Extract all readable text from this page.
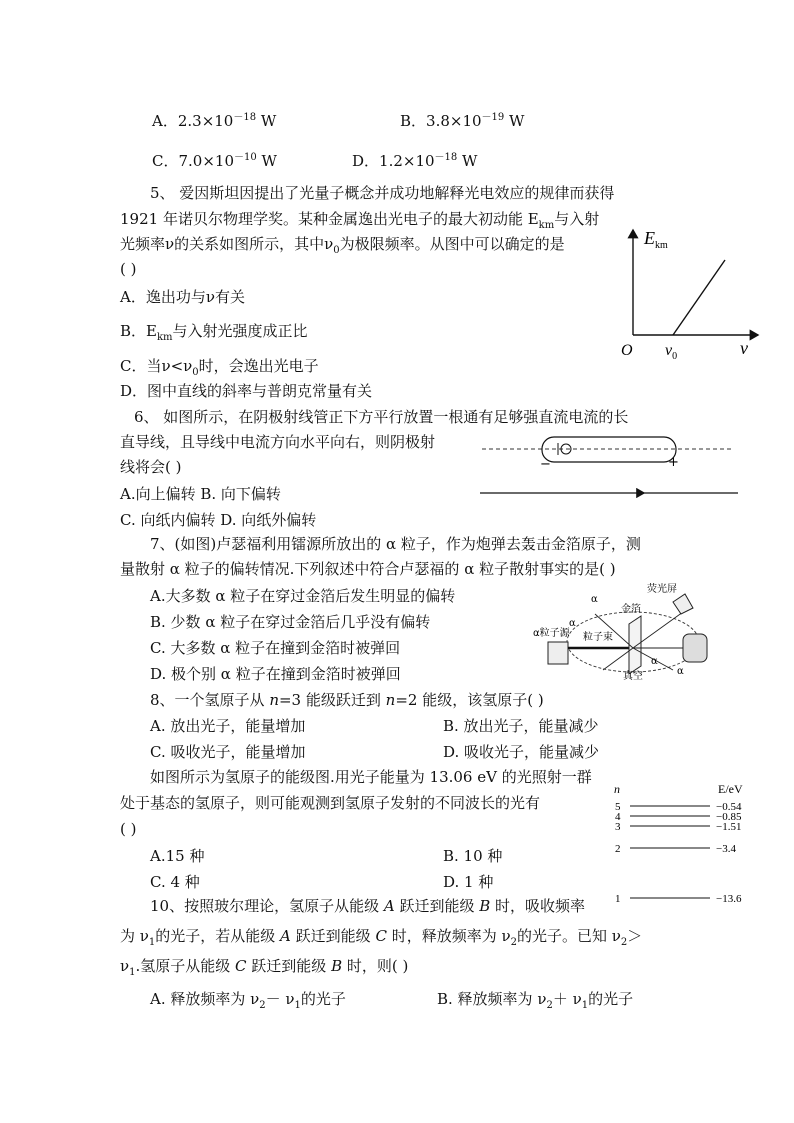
A．$2.3\times 10^{-18}$ W	B．$3.8\times 10^{-19}$ W
C．$7.0\times 10^{-10}$ W	D．$1.2\times 10^{-18}$ W
5、 爱因斯坦因提出了光量子概念并成功地解释光电效应的规律而获得
1921 年诺贝尔物理学奖。某种金属逸出光电子的最大初动能 $E_{km}$与入射
光频率ν的关系如图所示，其中$\nu_0$为极限频率。从图中可以确定的是
( )
A．逸出功与ν有关
B．$E_{km}$与入射光强度成正比
C．当$\nu<\nu_0$时，会逸出光电子
D．图中直线的斜率与普朗克常量有关
$E_{km}$
O $\nu_0$	ν
6、 如图所示，在阴极射线管正下方平行放置一根通有足够强直流电流的长
直导线，且导线中电流方向水平向右，则阴极射
线将会( )
A.向上偏转 B. 向下偏转
C. 向纸内偏转 D. 向纸外偏转
−	+
7、(如图)卢瑟福利用镭源所放出的 α 粒子，作为炮弹去轰击金箔原子，测
量散射 α 粒子的偏转情况.下列叙述中符合卢瑟福的 α 粒子散射事实的是( )
A.大多数 α 粒子在穿过金箔后发生明显的偏转
B. 少数 α 粒子在穿过金箔后几乎没有偏转
C. 大多数 α 粒子在撞到金箔时被弹回
D. 极个别 α 粒子在撞到金箔时被弹回
荧光屏
金箔
α粒子源 粒子束
真空
α
α
α
α
8、一个氢原子从 n=3 能级跃迁到 n=2 能级，该氢原子( )
A. 放出光子，能量增加	B. 放出光子，能量减少
C. 吸收光子，能量增加	D. 吸收光子，能量减少
如图所示为氢原子的能级图.用光子能量为 13.06 eV 的光照射一群
处于基态的氢原子，则可能观测到氢原子发射的不同波长的光有
( )
A.15 种	B. 10 种
C. 4 种	D. 1 种
n	E/eV
5	−0.54
4	−0.85
3	−1.51
2	−3.4
1	−13.6
10、按照玻尔理论，氢原子从能级 A 跃迁到能级 B 时，吸收频率
为 $\nu_1$的光子，若从能级 A 跃迁到能级 C 时，释放频率为 $\nu_2$的光子。已知 $\nu_2>$
$\nu_1$.氢原子从能级 C 跃迁到能级 B 时，则( )
A. 释放频率为 $\nu_2- \nu_1$的光子	B. 释放频率为 $\nu_2+ \nu_1$的光子
